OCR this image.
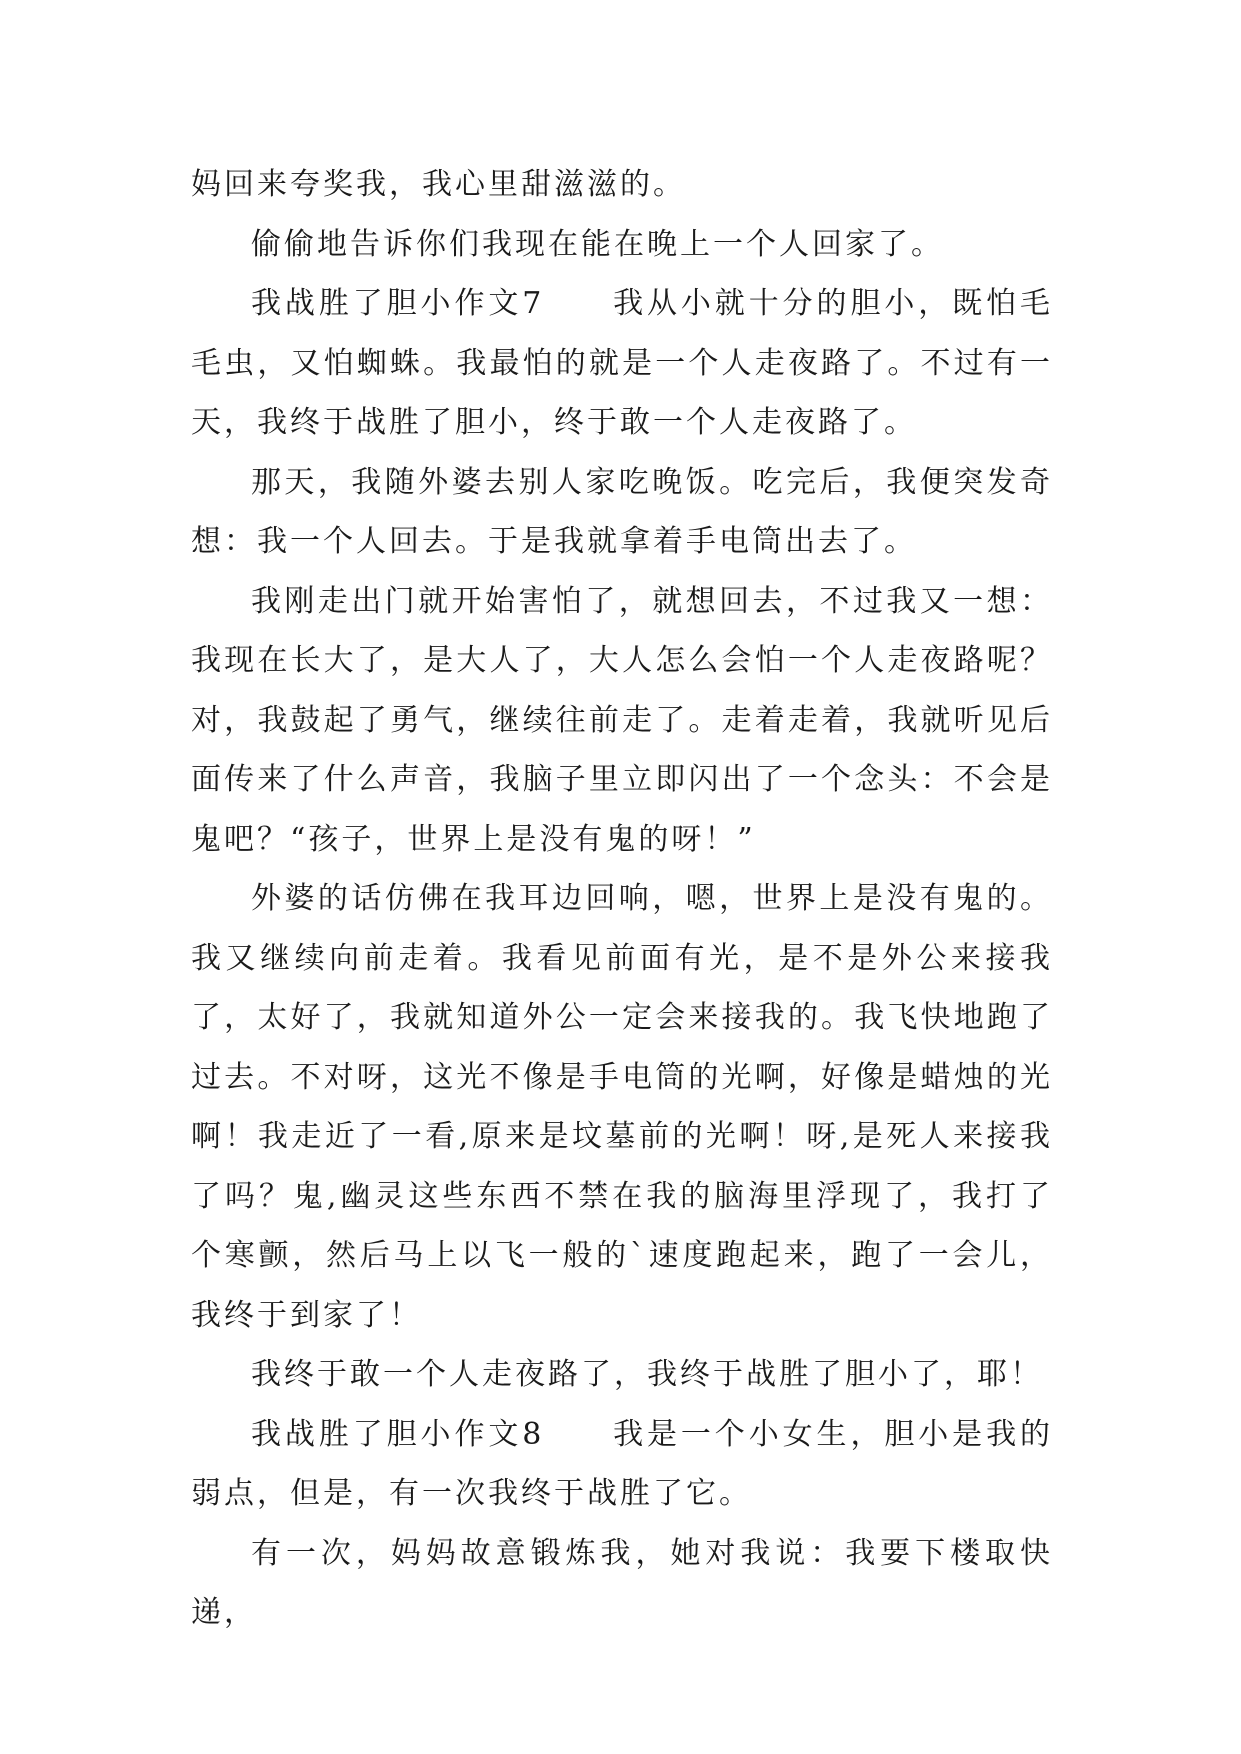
妈回来夸奖我，我心里甜滋滋的。

偷偷地告诉你们我现在能在晚上一个人回家了。

我战胜了胆小作文7　　我从小就十分的胆小，既怕毛毛虫，又怕蜘蛛。我最怕的就是一个人走夜路了。不过有一天，我终于战胜了胆小，终于敢一个人走夜路了。

那天，我随外婆去别人家吃晚饭。吃完后，我便突发奇想：我一个人回去。于是我就拿着手电筒出去了。

我刚走出门就开始害怕了，就想回去，不过我又一想：我现在长大了，是大人了，大人怎么会怕一个人走夜路呢？对，我鼓起了勇气，继续往前走了。走着走着，我就听见后面传来了什么声音，我脑子里立即闪出了一个念头：不会是鬼吧？“孩子，世界上是没有鬼的呀！”

外婆的话仿佛在我耳边回响，嗯，世界上是没有鬼的。我又继续向前走着。我看见前面有光，是不是外公来接我了，太好了，我就知道外公一定会来接我的。我飞快地跑了过去。不对呀，这光不像是手电筒的光啊，好像是蜡烛的光啊！我走近了一看,原来是坟墓前的光啊！呀,是死人来接我了吗？鬼,幽灵这些东西不禁在我的脑海里浮现了，我打了个寒颤，然后马上以飞一般的`速度跑起来，跑了一会儿，我终于到家了！

我终于敢一个人走夜路了，我终于战胜了胆小了，耶！

我战胜了胆小作文8　　我是一个小女生，胆小是我的弱点，但是，有一次我终于战胜了它。

有一次，妈妈故意锻炼我，她对我说：我要下楼取快递，
